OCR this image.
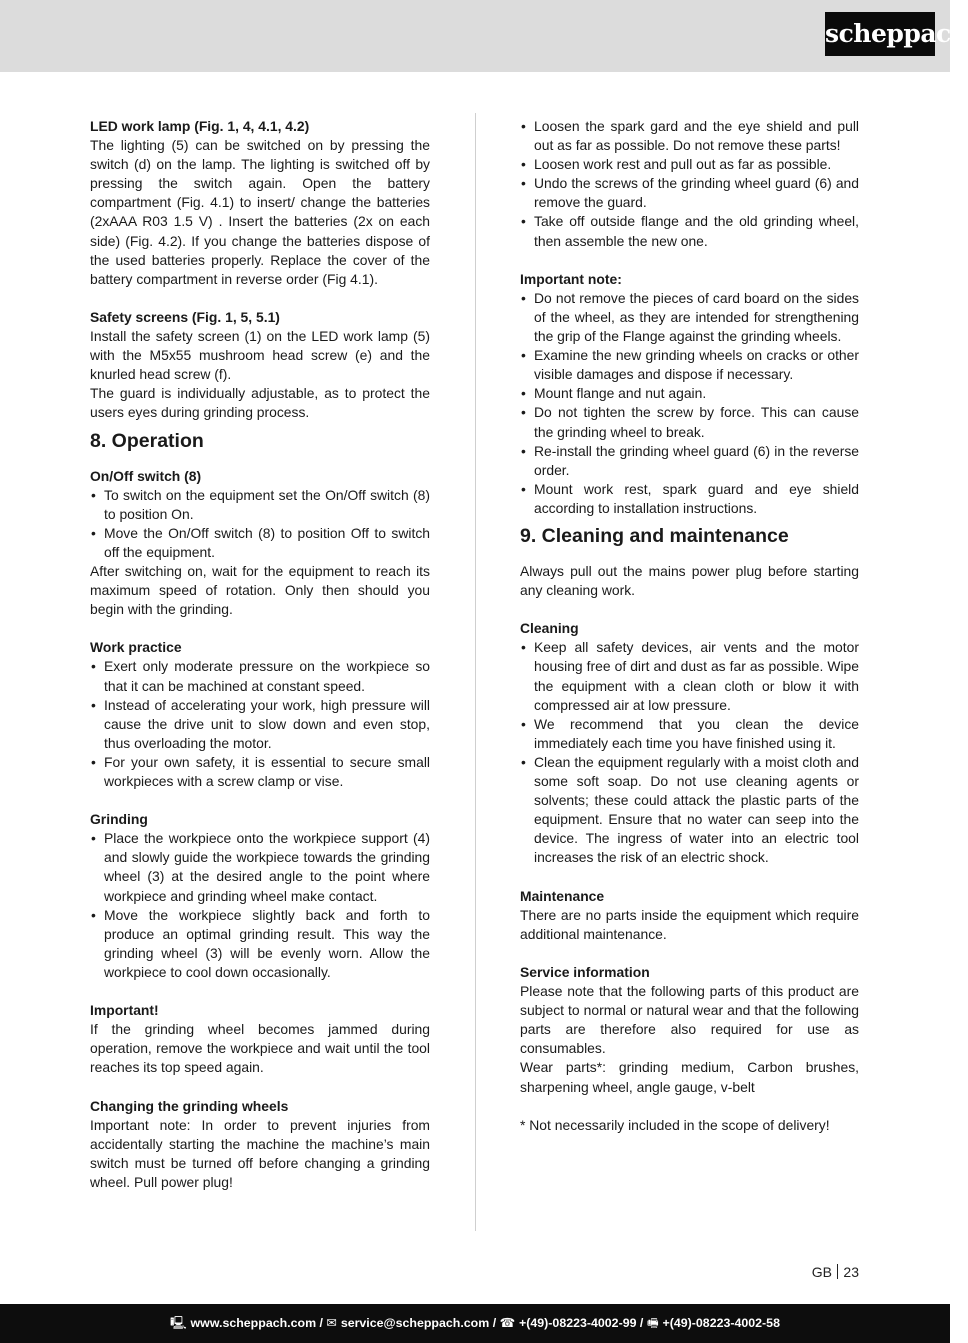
scheppach

LED work lamp (Fig. 1, 4, 4.1, 4.2)

The lighting (5) can be switched on by pressing the switch (d) on the lamp. The lighting is switched off by pressing the switch again. Open the battery compartment (Fig. 4.1) to insert/ change the batteries (2xAAA R03 1.5 V) . Insert the batteries (2x on each side) (Fig. 4.2). If you change the batteries dispose of the used batteries properly. Replace the cover of the battery compartment in reverse order (Fig 4.1).

Safety screens (Fig. 1, 5, 5.1)

Install the safety screen (1) on the LED work lamp (5) with the M5x55 mushroom head screw (e) and the knurled head screw (f).

The guard is individually adjustable, as to protect the users eyes during grinding process.

8. Operation

On/Off switch (8)

• To switch on the equipment set the On/Off switch (8) to position On.
• Move the On/Off switch (8) to position Off to switch off the equipment.

After switching on, wait for the equipment to reach its maximum speed of rotation. Only then should you begin with the grinding.

Work practice

• Exert only moderate pressure on the workpiece so that it can be machined at constant speed.
• Instead of accelerating your work, high pressure will cause the drive unit to slow down and even stop, thus overloading the motor.
• For your own safety, it is essential to secure small workpieces with a screw clamp or vise.

Grinding

• Place the workpiece onto the workpiece support (4) and slowly guide the workpiece towards the grinding wheel (3) at the desired angle to the point where workpiece and grinding wheel make contact.
• Move the workpiece slightly back and forth to produce an optimal grinding result. This way the grinding wheel (3) will be evenly worn. Allow the workpiece to cool down occasionally.

Important!

If the grinding wheel becomes jammed during operation, remove the workpiece and wait until the tool reaches its top speed again.

Changing the grinding wheels

Important note: In order to prevent injuries from accidentally starting the machine the machine’s main switch must be turned off before changing a grinding wheel. Pull power plug!

• Loosen the spark gard and the eye shield and pull out as far as possible. Do not remove these parts!
• Loosen work rest and pull out as far as possible.
• Undo the screws of the grinding wheel guard (6) and remove the guard.
• Take off outside flange and the old grinding wheel, then assemble the new one.

Important note:

• Do not remove the pieces of card board on the sides of the wheel, as they are intended for strengthening the grip of the Flange against the grinding wheels.
• Examine the new grinding wheels on cracks or other visible damages and dispose if necessary.
• Mount flange and nut again.
• Do not tighten the screw by force. This can cause the grinding wheel to break.
• Re-install the grinding wheel guard (6) in the reverse order.
• Mount work rest, spark guard and eye shield according to installation instructions.
9. Cleaning and maintenance

Always pull out the mains power plug before starting any cleaning work.

Cleaning

• Keep all safety devices, air vents and the motor housing free of dirt and dust as far as possible. Wipe the equipment with a clean cloth or blow it with compressed air at low pressure.
• We recommend that you clean the device immediately each time you have finished using it.
• Clean the equipment regularly with a moist cloth and some soft soap. Do not use cleaning agents or solvents; these could attack the plastic parts of the equipment. Ensure that no water can seep into the device. The ingress of water into an electric tool increases the risk of an electric shock.

Maintenance

There are no parts inside the equipment which require additional maintenance.

Service information

Please note that the following parts of this product are subject to normal or natural wear and that the following parts are therefore also required for use as consumables.

Wear parts*: grinding medium, Carbon brushes, sharpening wheel, angle gauge, v-belt

* Not necessarily included in the scope of delivery!

GB 23
🖳 www.scheppach.com / ✉ service@scheppach.com / ☎ +(49)-08223-4002-99 / 🖷 +(49)-08223-4002-58
